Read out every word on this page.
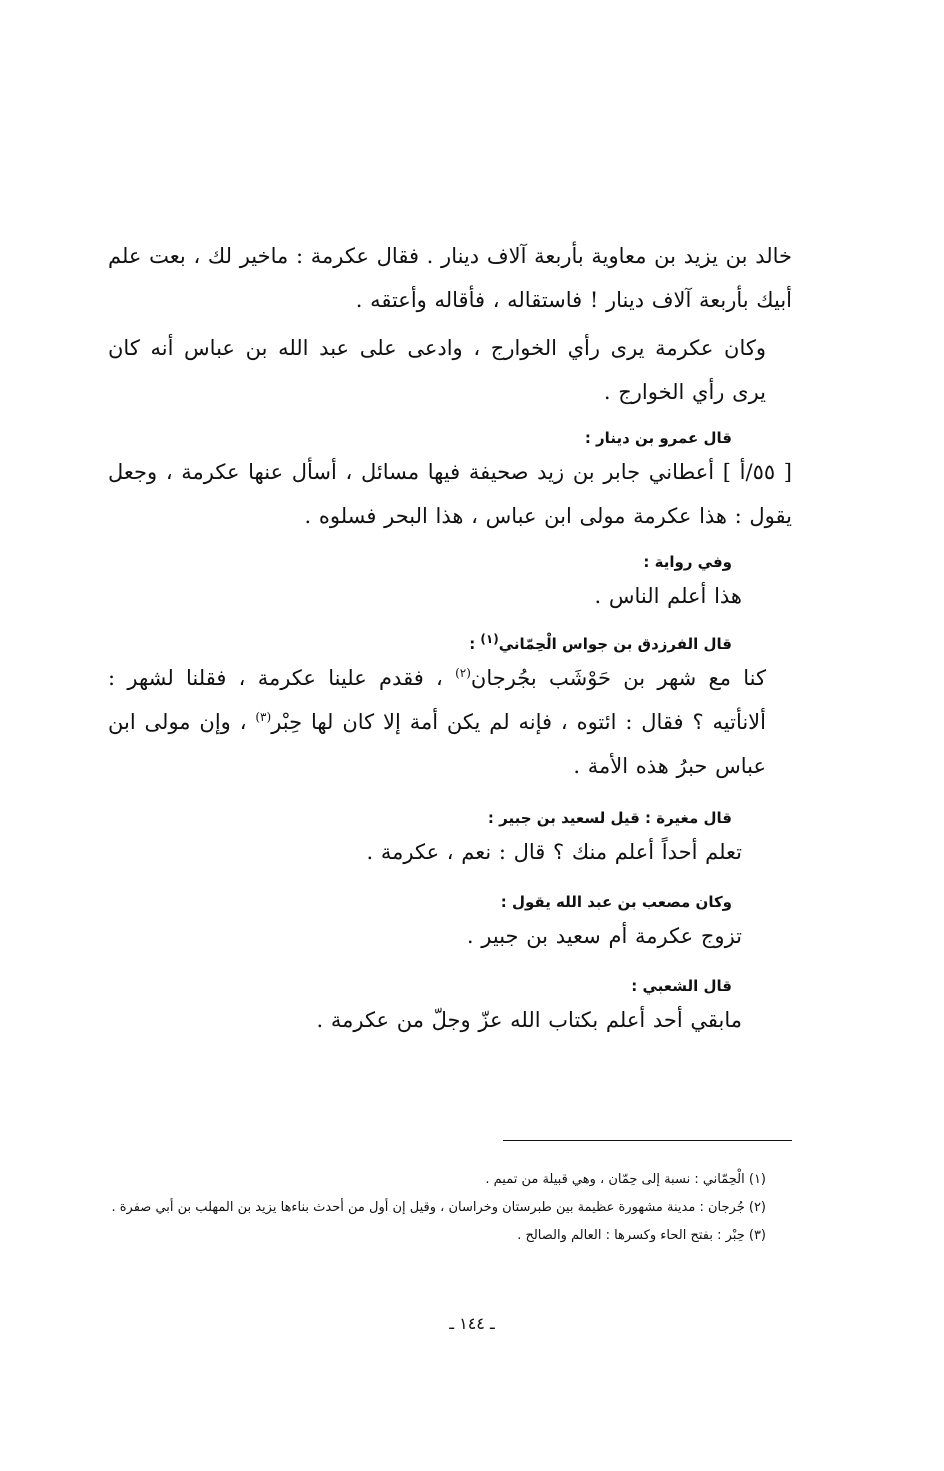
خالد بن يزيد بن معاوية بأربعة آلاف دينار . فقال عكرمة : ماخير لك ، بعت علم أبيك بأربعة آلاف دينار ! فاستقاله ، فأقاله وأعتقه .

وكان عكرمة يرى رأي الخوارج ، وادعى على عبد الله بن عباس أنه كان يرى رأي الخوارج .

قال عمرو بن دينار :

[ ٥٥/أ ] أعطاني جابر بن زيد صحيفة فيها مسائل ، أسأل عنها عكرمة ، وجعل يقول : هذا عكرمة مولى ابن عباس ، هذا البحر فسلوه .

وفي رواية :

هذا أعلم الناس .

قال الفرزدق بن جواس الْحِمّاني$^{(١)}$ :

كنا مع شهر بن حَوْشَب بجُرجان$^{(٢)}$ ، فقدم علينا عكرمة ، فقلنا لشهر : ألانأتيه ؟ فقال : ائتوه ، فإنه لم يكن أمة إلا كان لها حِبْر$^{(٣)}$ ، وإن مولى ابن عباس حبرُ هذه الأمة .

قال مغيرة : قيل لسعيد بن جبير :

تعلم أحداً أعلم منك ؟ قال : نعم ، عكرمة .

وكان مصعب بن عبد الله يقول :

تزوج عكرمة أم سعيد بن جبير .

قال الشعبي :

مابقي أحد أعلم بكتاب الله عزّ وجلّ من عكرمة .

(١) الْحِمّاني : نسبة إلى حِمّان ، وهي قبيلة من تميم .

(٢) جُرجان : مدينة مشهورة عظيمة بين طبرستان وخراسان ، وقيل إن أول من أحدث بناءها يزيد بن المهلب بن أبي صفرة .

(٣) حِبْر : بفتح الحاء وكسرها : العالم والصالح .

ـ ١٤٤ ـ
